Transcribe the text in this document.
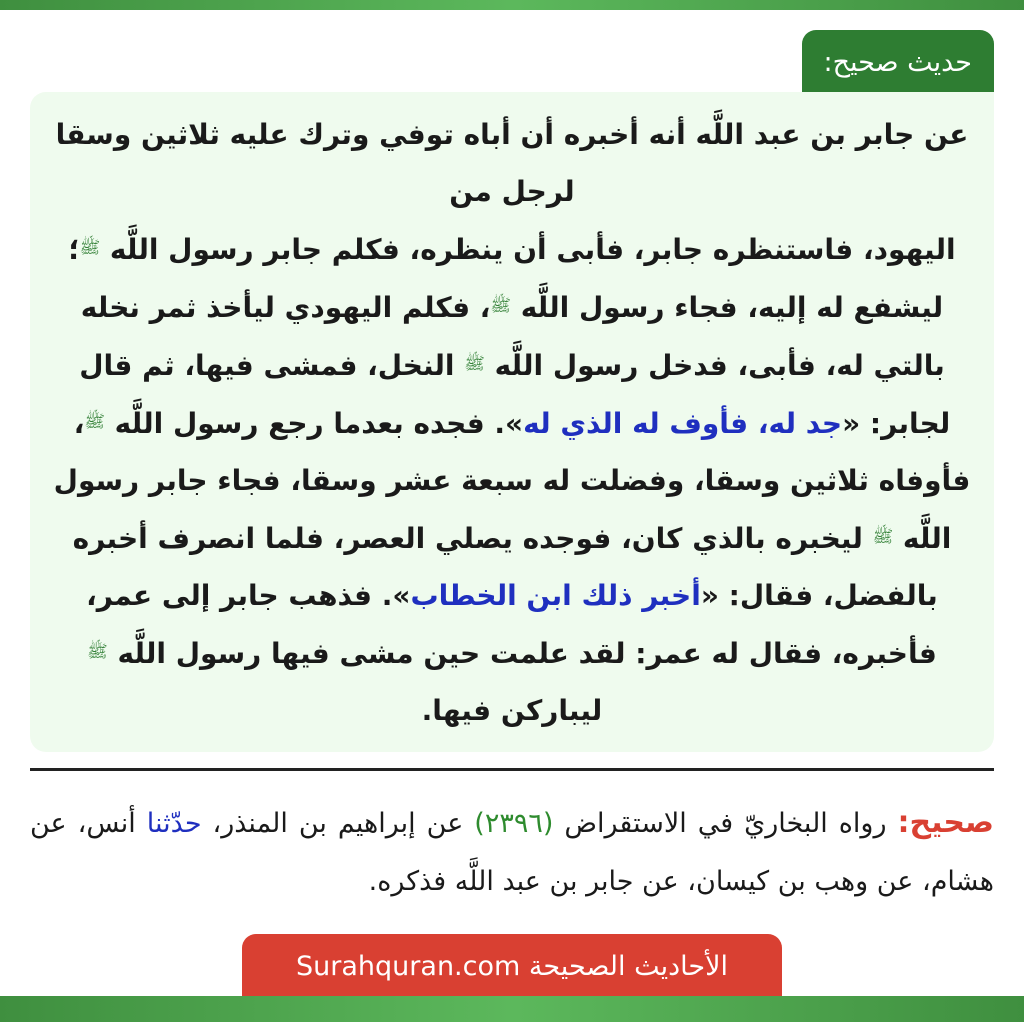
حديث صحيح:
عن جابر بن عبد اللَّه أنه أخبره أن أباه توفي وترك عليه ثلاثين وسقا لرجل من
اليهود، فاستنظره جابر، فأبى أن ينظره، فكلم جابر رسول اللَّه ﷺ؛ ليشفع له إليه، فجاء رسول اللَّه ﷺ، فكلم اليهودي ليأخذ ثمر نخله بالتي له، فأبى، فدخل رسول اللَّه ﷺ النخل، فمشى فيها، ثم قال لجابر: «جد له، فأوف له الذي له». فجده بعدما رجع رسول اللَّه ﷺ، فأوفاه ثلاثين وسقا، وفضلت له سبعة عشر وسقا، فجاء جابر رسول اللَّه ﷺ ليخبره بالذي كان، فوجده يصلي العصر، فلما انصرف أخبره بالفضل، فقال: «أخبر ذلك ابن الخطاب». فذهب جابر إلى عمر، فأخبره، فقال له عمر: لقد علمت حين مشى فيها رسول اللَّه ﷺ ليباركن فيها.
صحيح: رواه البخاريّ في الاستقراض (٢٣٩٦) عن إبراهيم بن المنذر، حدّثنا أنس، عن هشام، عن وهب بن كيسان، عن جابر بن عبد اللَّه فذكره.
الأحاديث الصحيحة Surahquran.com
